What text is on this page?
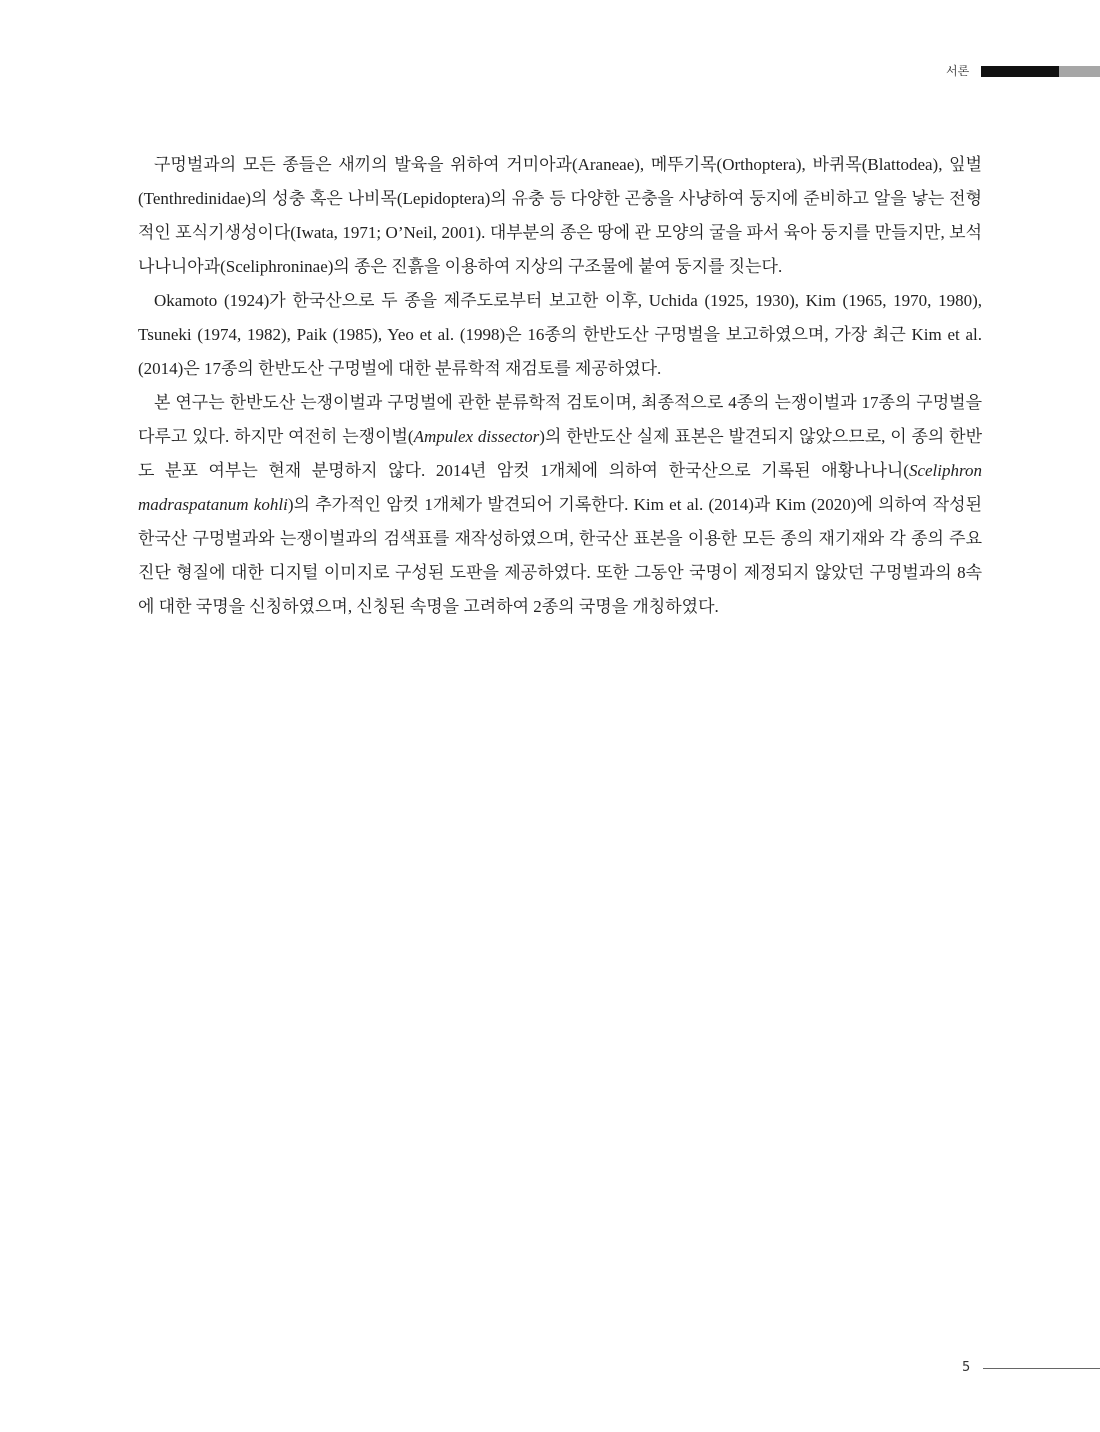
서론

구멍벌과의 모든 종들은 새끼의 발육을 위하여 거미아과(Araneae), 메뚜기목(Orthoptera), 바퀴목(Blattodea), 잎벌(Tenthredinidae)의 성충 혹은 나비목(Lepidoptera)의 유충 등 다양한 곤충을 사냥하여 둥지에 준비하고 알을 낳는 전형적인 포식기생성이다(Iwata, 1971; O’Neil, 2001). 대부분의 종은 땅에 관 모양의 굴을 파서 육아 둥지를 만들지만, 보석나나니아과(Sceliphroninae)의 종은 진흙을 이용하여 지상의 구조물에 붙여 둥지를 짓는다.

Okamoto (1924)가 한국산으로 두 종을 제주도로부터 보고한 이후, Uchida (1925, 1930), Kim (1965, 1970, 1980), Tsuneki (1974, 1982), Paik (1985), Yeo et al. (1998)은 16종의 한반도산 구멍벌을 보고하였으며, 가장 최근 Kim et al. (2014)은 17종의 한반도산 구멍벌에 대한 분류학적 재검토를 제공하였다.

본 연구는 한반도산 는쟁이벌과 구멍벌에 관한 분류학적 검토이며, 최종적으로 4종의 는쟁이벌과 17종의 구멍벌을 다루고 있다. 하지만 여전히 는쟁이벌(Ampulex dissector)의 한반도산 실제 표본은 발견되지 않았으므로, 이 종의 한반도 분포 여부는 현재 분명하지 않다. 2014년 암컷 1개체에 의하여 한국산으로 기록된 애황나나니(Sceliphron madraspatanum kohli)의 추가적인 암컷 1개체가 발견되어 기록한다. Kim et al. (2014)과 Kim (2020)에 의하여 작성된 한국산 구멍벌과와 는쟁이벌과의 검색표를 재작성하였으며, 한국산 표본을 이용한 모든 종의 재기재와 각 종의 주요 진단 형질에 대한 디지털 이미지로 구성된 도판을 제공하였다. 또한 그동안 국명이 제정되지 않았던 구멍벌과의 8속에 대한 국명을 신칭하였으며, 신칭된 속명을 고려하여 2종의 국명을 개칭하였다.

5
